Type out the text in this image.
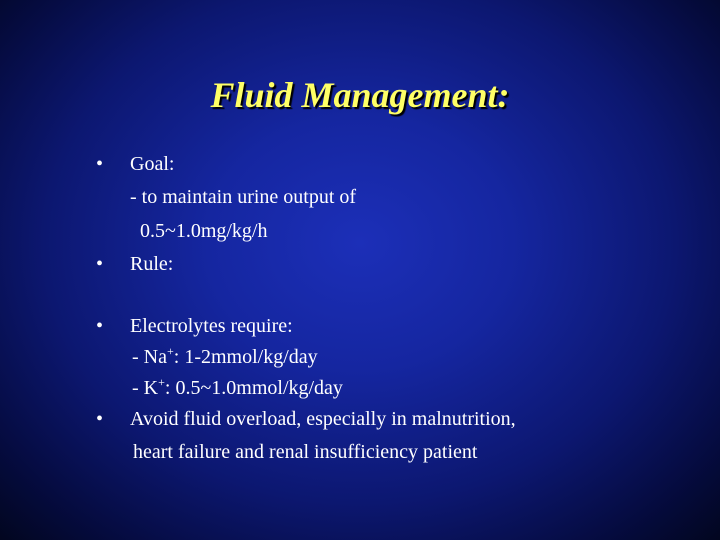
Fluid Management:
• Goal:
- to maintain urine output of
0.5~1.0mg/kg/h
• Rule:
• Electrolytes require:
- Na+: 1-2mmol/kg/day
- K+: 0.5~1.0mmol/kg/day
• Avoid fluid overload, especially in malnutrition,
heart failure and renal insufficiency patient
